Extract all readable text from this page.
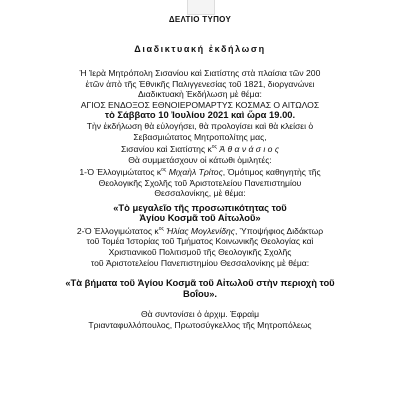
ΔΕΛΤΙΟ ΤΥΠΟΥ
Διαδικτυακή ἐκδήλωση

Ἡ Ἱερὰ Μητρόπολη Σισανίου καὶ Σιατίστης στὰ πλαίσια τῶν 200

ἐτῶν ἀπὸ τῆς Ἐθνικῆς Παλιγγενεσίας τοῦ 1821, διοργανώνει

Διαδικτυακὴ Ἐκδήλωση μὲ θέμα:

ΑΓΙΟΣ ΕΝΔΟΞΟΣ ΕΘΝΟΙΕΡΟΜΑΡΤΥΣ ΚΟΣΜΑΣ Ο ΑΙΤΩΛΟΣ

τὸ Σάββατο 10 Ἰουλίου 2021 καὶ ὥρα 19.00.

Τὴν ἐκδήλωση θὰ εὐλογήσει, θὰ προλογίσει καὶ θὰ κλείσει ὁ

Σεβασμιώτατος Μητροπολίτης μας,

Σισανίου καὶ Σιατίστης $\kappa^{o\varsigma}$ Ἀ θ α ν ά σ ι ο ς

Θὰ συμμετάσχουν οἱ κάτωθι ὁμιλητές:

1-Ὁ Ἐλλογιμώτατος $\kappa^{o\varsigma}$ Μιχαὴλ Τρίτος, Ὁμότιμος καθηγητὴς τῆς

Θεολογικῆς Σχολῆς τοῦ Ἀριστοτελείου Πανεπιστημίου

Θεσσαλονίκης, μὲ θέμα:

«Τὸ μεγαλεῖο τῆς προσωπικότητας τοῦ

Ἁγίου Κοσμᾶ τοῦ Αἰτωλοῦ»

2-Ὁ Ἐλλογιμώτατος $\kappa^{o\varsigma}$ Ἡλίας Μογλενίδης, Ὑποψήφιος Διδάκτωρ

τοῦ Τομέα Ἱστορίας τοῦ Τμήματος Κοινωνικῆς Θεολογίας καὶ

Χριστιανικοῦ Πολιτισμοῦ τῆς Θεολογικῆς Σχολῆς

τοῦ Ἀριστοτελείου Πανεπιστημίου Θεσσαλονίκης μὲ θέμα:

«Τὰ βήματα τοῦ Ἁγίου Κοσμᾶ τοῦ Αἰτωλοῦ στὴν περιοχὴ τοῦ

Βοΐου».

Θὰ συντονίσει ὁ ἀρχιμ. Ἐφραὶμ

Τριανταφυλλόπουλος, Πρωτοσύγκελλος τῆς Μητροπόλεως
